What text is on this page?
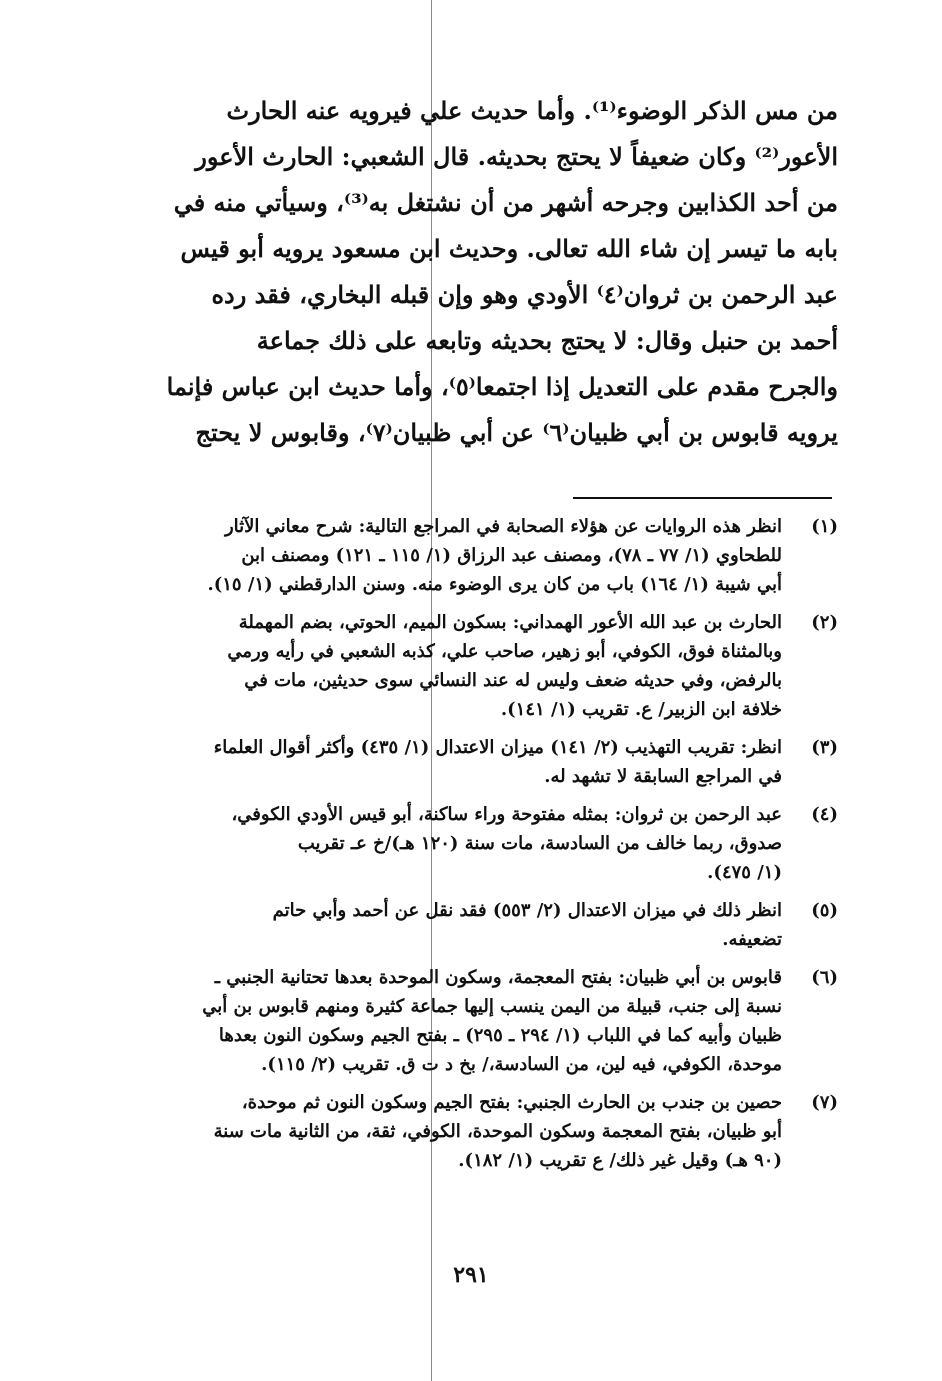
من مس الذكر الوضوء⁽¹⁾. وأما حديث علي فيرويه عنه الحارث
الأعور⁽²⁾ وكان ضعيفاً لا يحتج بحديثه. قال الشعبي: الحارث الأعور
من أحد الكذابين وجرحه أشهر من أن نشتغل به⁽³⁾، وسيأتي منه في
بابه ما تيسر إن شاء الله تعالى. وحديث ابن مسعود يرويه أبو قيس
عبد الرحمن بن ثروان⁽٤⁾ الأودي وهو وإن قبله البخاري، فقد رده
أحمد بن حنبل وقال: لا يحتج بحديثه وتابعه على ذلك جماعة
والجرح مقدم على التعديل إذا اجتمعا⁽٥⁾، وأما حديث ابن عباس فإنما
يرويه قابوس بن أبي ظبيان⁽٦⁾ عن أبي ظبيان⁽٧⁾، وقابوس لا يحتج
(١)
انظر هذه الروايات عن هؤلاء الصحابة في المراجع التالية: شرح معاني الآثار
للطحاوي (١/ ٧٧ ـ ٧٨)، ومصنف عبد الرزاق (١/ ١١٥ ـ ١٢١) ومصنف ابن
أبي شيبة (١/ ١٦٤) باب من كان يرى الوضوء منه. وسنن الدارقطني (١/ ١٥).
(٢)
الحارث بن عبد الله الأعور الهمداني: بسكون الميم، الحوتي، بضم المهملة
وبالمثناة فوق، الكوفي، أبو زهير، صاحب علي، كذبه الشعبي في رأيه ورمي
بالرفض، وفي حديثه ضعف وليس له عند النسائي سوى حديثين، مات في
خلافة ابن الزبير/ ع. تقريب (١/ ١٤١).
(٣)
انظر: تقريب التهذيب (٢/ ١٤١) ميزان الاعتدال (١/ ٤٣٥) وأكثر أقوال العلماء
في المراجع السابقة لا تشهد له.
(٤)
عبد الرحمن بن ثروان: بمثله مفتوحة وراء ساكنة، أبو قيس الأودي الكوفي،
صدوق، ربما خالف من السادسة، مات سنة (١٢٠ هـ)/خ عـ تقريب
(١/ ٤٧٥).
(٥)
انظر ذلك في ميزان الاعتدال (٢/ ٥٥٣) فقد نقل عن أحمد وأبي حاتم
تضعيفه.
(٦)
قابوس بن أبي ظبيان: بفتح المعجمة، وسكون الموحدة بعدها تحتانية الجنبي ـ
نسبة إلى جنب، قبيلة من اليمن ينسب إليها جماعة كثيرة ومنهم قابوس بن أبي
ظبيان وأبيه كما في اللباب (١/ ٢٩٤ ـ ٢٩٥) ـ بفتح الجيم وسكون النون بعدها
موحدة، الكوفي، فيه لين، من السادسة،/ بخ د ت ق. تقريب (٢/ ١١٥).
(٧)
حصين بن جندب بن الحارث الجنبي: بفتح الجيم وسكون النون ثم موحدة،
أبو ظبيان، بفتح المعجمة وسكون الموحدة، الكوفي، ثقة، من الثانية مات سنة
(٩٠ هـ) وقيل غير ذلك/ ع تقريب (١/ ١٨٢).
٢٩١
